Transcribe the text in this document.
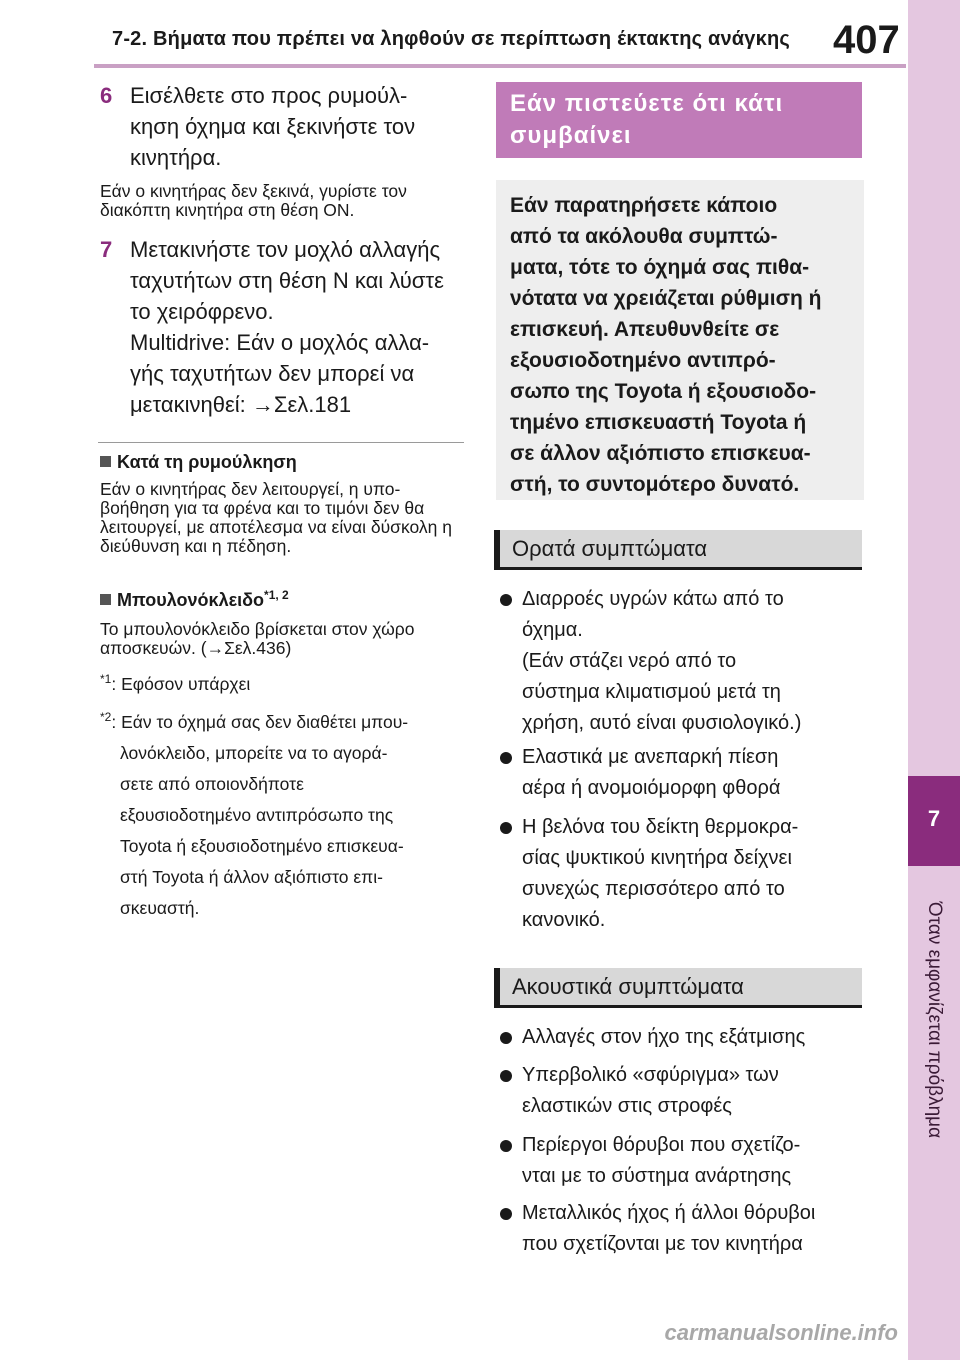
7-2. Βήματα που πρέπει να ληφθούν σε περίπτωση έκτακτης ανάγκης 407
7
Όταν εμφανίζεται πρόβλημα
6 Εισέλθετε στο προς ρυμούλ-

κηση όχημα και ξεκινήστε τον

κινητήρα.

Εάν ο κινητήρας δεν ξεκινά, γυρίστε τον διακόπτη κινητήρα στη θέση ON.
7 Μετακινήστε τον μοχλό αλλαγής

ταχυτήτων στη θέση N και λύστε

το χειρόφρενο.

Multidrive: Εάν ο μοχλός αλλα-

γής ταχυτήτων δεν μπορεί να

μετακινηθεί: →Σελ.181

Κατά τη ρυμούλκηση
Εάν ο κινητήρας δεν λειτουργεί, η υπο-βοήθηση για τα φρένα και το τιμόνι δεν θα λειτουργεί, με αποτέλεσμα να είναι δύσκολη η διεύθυνση και η πέδηση.
Μπουλονόκλειδο$^{*1, 2}$
Το μπουλονόκλειδο βρίσκεται στον χώρο αποσκευών. (→Σελ.436)
$^{*1}$: Εφόσον υπάρχει
$^{*2}$: Εάν το όχημά σας δεν διαθέτει μπου-
λονόκλειδο, μπορείτε να το αγορά-
σετε από οποιονδήποτε
εξουσιοδοτημένο αντιπρόσωπο της
Toyota ή εξουσιοδοτημένο επισκευα-
στή Toyota ή άλλον αξιόπιστο επι-
σκευαστή.
Εάν πιστεύετε ότι κάτι
συμβαίνει
Εάν παρατηρήσετε κάποιο
από τα ακόλουθα συμπτώ-
ματα, τότε το όχημά σας πιθα-
νότατα να χρειάζεται ρύθμιση ή
επισκευή. Απευθυνθείτε σε
εξουσιοδοτημένο αντιπρό-
σωπο της Toyota ή εξουσιοδο-
τημένο επισκευαστή Toyota ή
σε άλλον αξιόπιστο επισκευα-
στή, το συντομότερο δυνατό.
Ορατά συμπτώματα

Διαρροές υγρών κάτω από το

όχημα.

(Εάν στάζει νερό από το

σύστημα κλιματισμού μετά τη

χρήση, αυτό είναι φυσιολογικό.)

Ελαστικά με ανεπαρκή πίεση

αέρα ή ανομοιόμορφη φθορά

Η βελόνα του δείκτη θερμοκρα-

σίας ψυκτικού κινητήρα δείχνει

συνεχώς περισσότερο από το

κανονικό.

Ακουστικά συμπτώματα

Αλλαγές στον ήχο της εξάτμισης

Υπερβολικό «σφύριγμα» των

ελαστικών στις στροφές

Περίεργοι θόρυβοι που σχετίζο-

νται με το σύστημα ανάρτησης

Μεταλλικός ήχος ή άλλοι θόρυβοι

που σχετίζονται με τον κινητήρα

carmanualsonline.info
